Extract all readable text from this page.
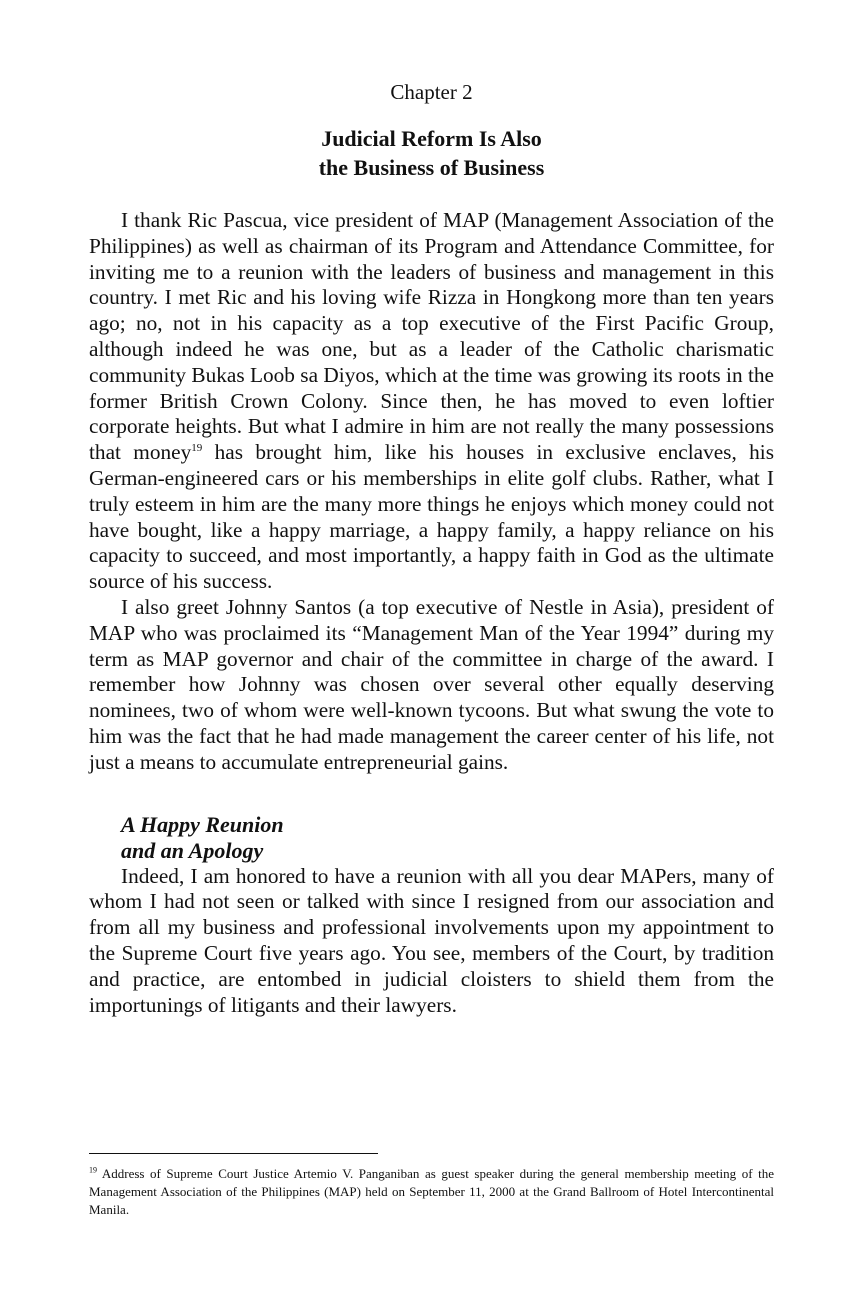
Chapter 2
Judicial Reform Is Also
the Business of Business

I thank Ric Pascua, vice president of MAP (Management Association of the Philippines) as well as chairman of its Program and Attendance Committee, for inviting me to a reunion with the leaders of business and management in this country. I met Ric and his loving wife Rizza in Hongkong more than ten years ago; no, not in his capacity as a top executive of the First Pacific Group, although indeed he was one, but as a leader of the Catholic charismatic community Bukas Loob sa Diyos, which at the time was growing its roots in the former British Crown Colony. Since then, he has moved to even loftier corporate heights. But what I admire in him are not really the many possessions that money$^{19}$ has brought him, like his houses in exclusive enclaves, his German-engineered cars or his memberships in elite golf clubs. Rather, what I truly esteem in him are the many more things he enjoys which money could not have bought, like a happy marriage, a happy family, a happy reliance on his capacity to succeed, and most importantly, a happy faith in God as the ultimate source of his success.

I also greet Johnny Santos (a top executive of Nestle in Asia), president of MAP who was proclaimed its “Management Man of the Year 1994” during my term as MAP governor and chair of the committee in charge of the award. I remember how Johnny was chosen over several other equally deserving nominees, two of whom were well-known tycoons. But what swung the vote to him was the fact that he had made management the career center of his life, not just a means to accumulate entrepreneurial gains.

A Happy Reunion
and an Apology

Indeed, I am honored to have a reunion with all you dear MAPers, many of whom I had not seen or talked with since I resigned from our association and from all my business and professional involvements upon my appointment to the Supreme Court five years ago. You see, members of the Court, by tradition and practice, are entombed in judicial cloisters to shield them from the importunings of litigants and their lawyers.

$^{19}$ Address of Supreme Court Justice Artemio V. Panganiban as guest speaker during the general membership meeting of the Management Association of the Philippines (MAP) held on September 11, 2000 at the Grand Ballroom of Hotel Intercontinental Manila.
